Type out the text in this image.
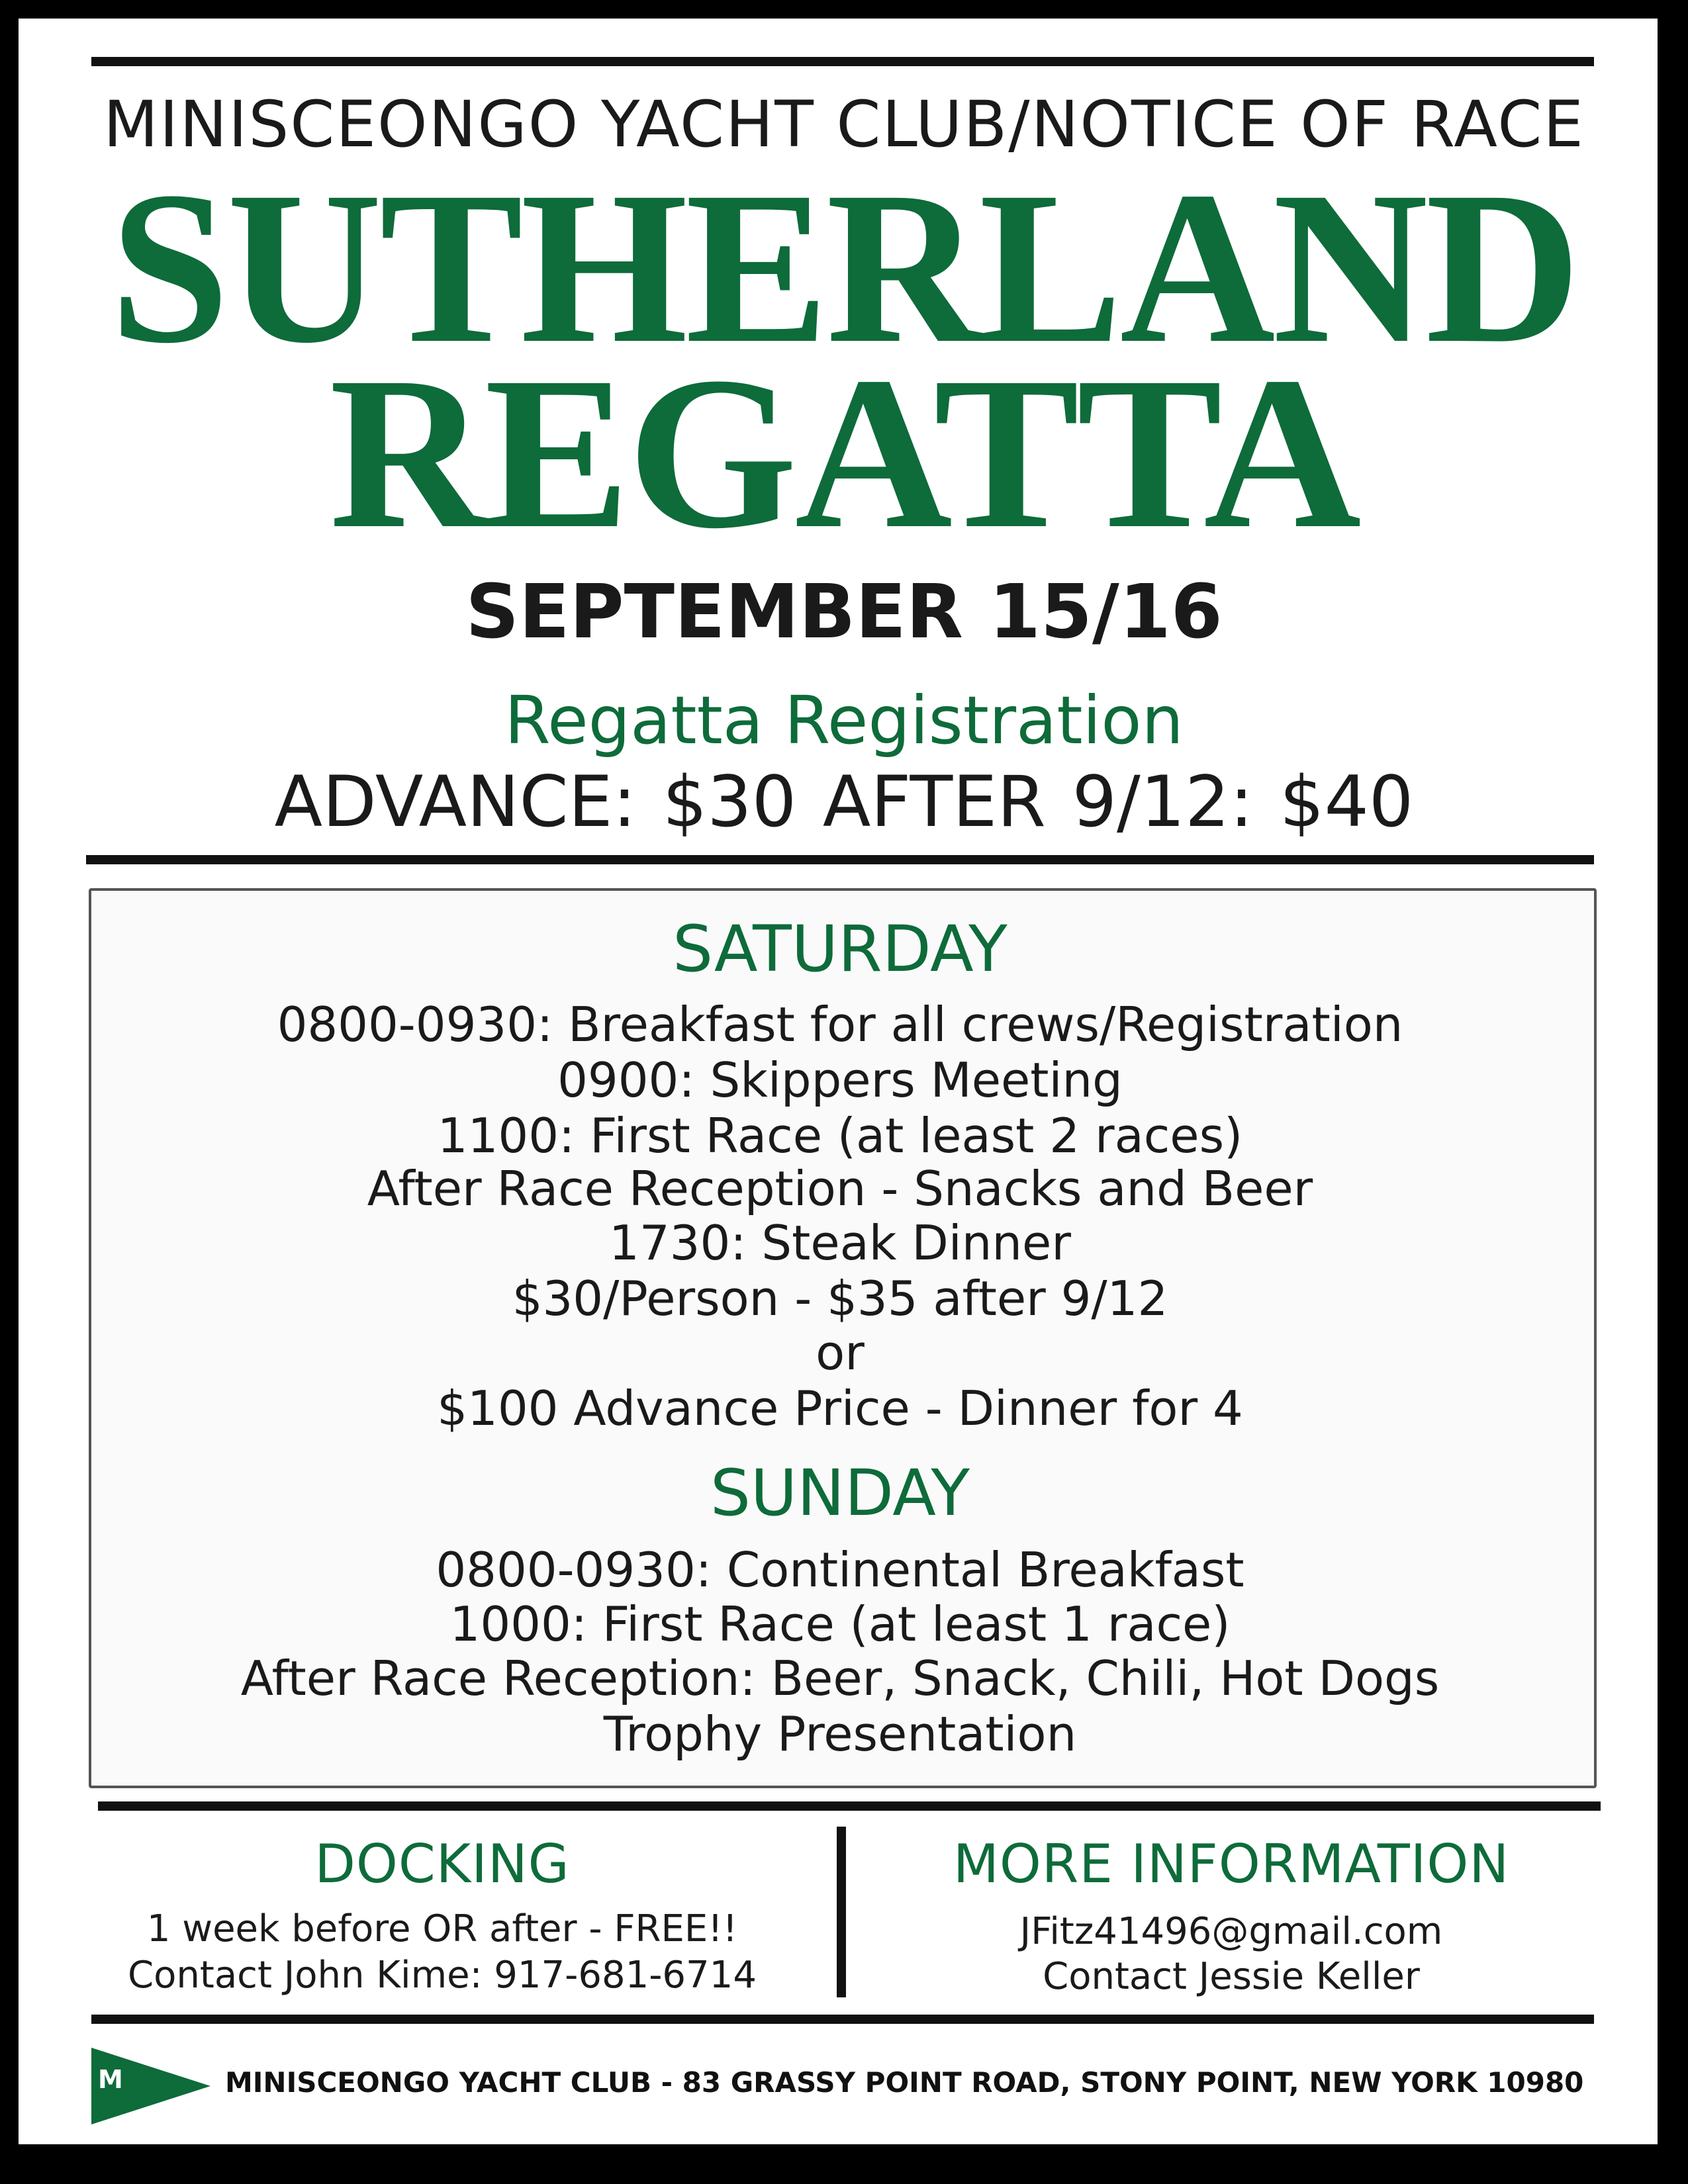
MINISCEONGO YACHT CLUB/NOTICE OF RACE
SUTHERLAND
REGATTA
SEPTEMBER 15/16
Regatta Registration
ADVANCE: $30 AFTER 9/12: $40
SATURDAY
0800-0930: Breakfast for all crews/Registration
0900: Skippers Meeting
1100: First Race (at least 2 races)
After Race Reception - Snacks and Beer
1730: Steak Dinner
$30/Person - $35 after 9/12
or
$100 Advance Price - Dinner for 4
SUNDAY
0800-0930: Continental Breakfast
1000: First Race (at least 1 race)
After Race Reception: Beer, Snack, Chili, Hot Dogs
Trophy Presentation
DOCKING
1 week before OR after - FREE!!
Contact John Kime: 917-681-6714
MORE INFORMATION
JFitz41496@gmail.com
Contact Jessie Keller
M	MINISCEONGO YACHT CLUB - 83 GRASSY POINT ROAD, STONY POINT, NEW YORK 10980
